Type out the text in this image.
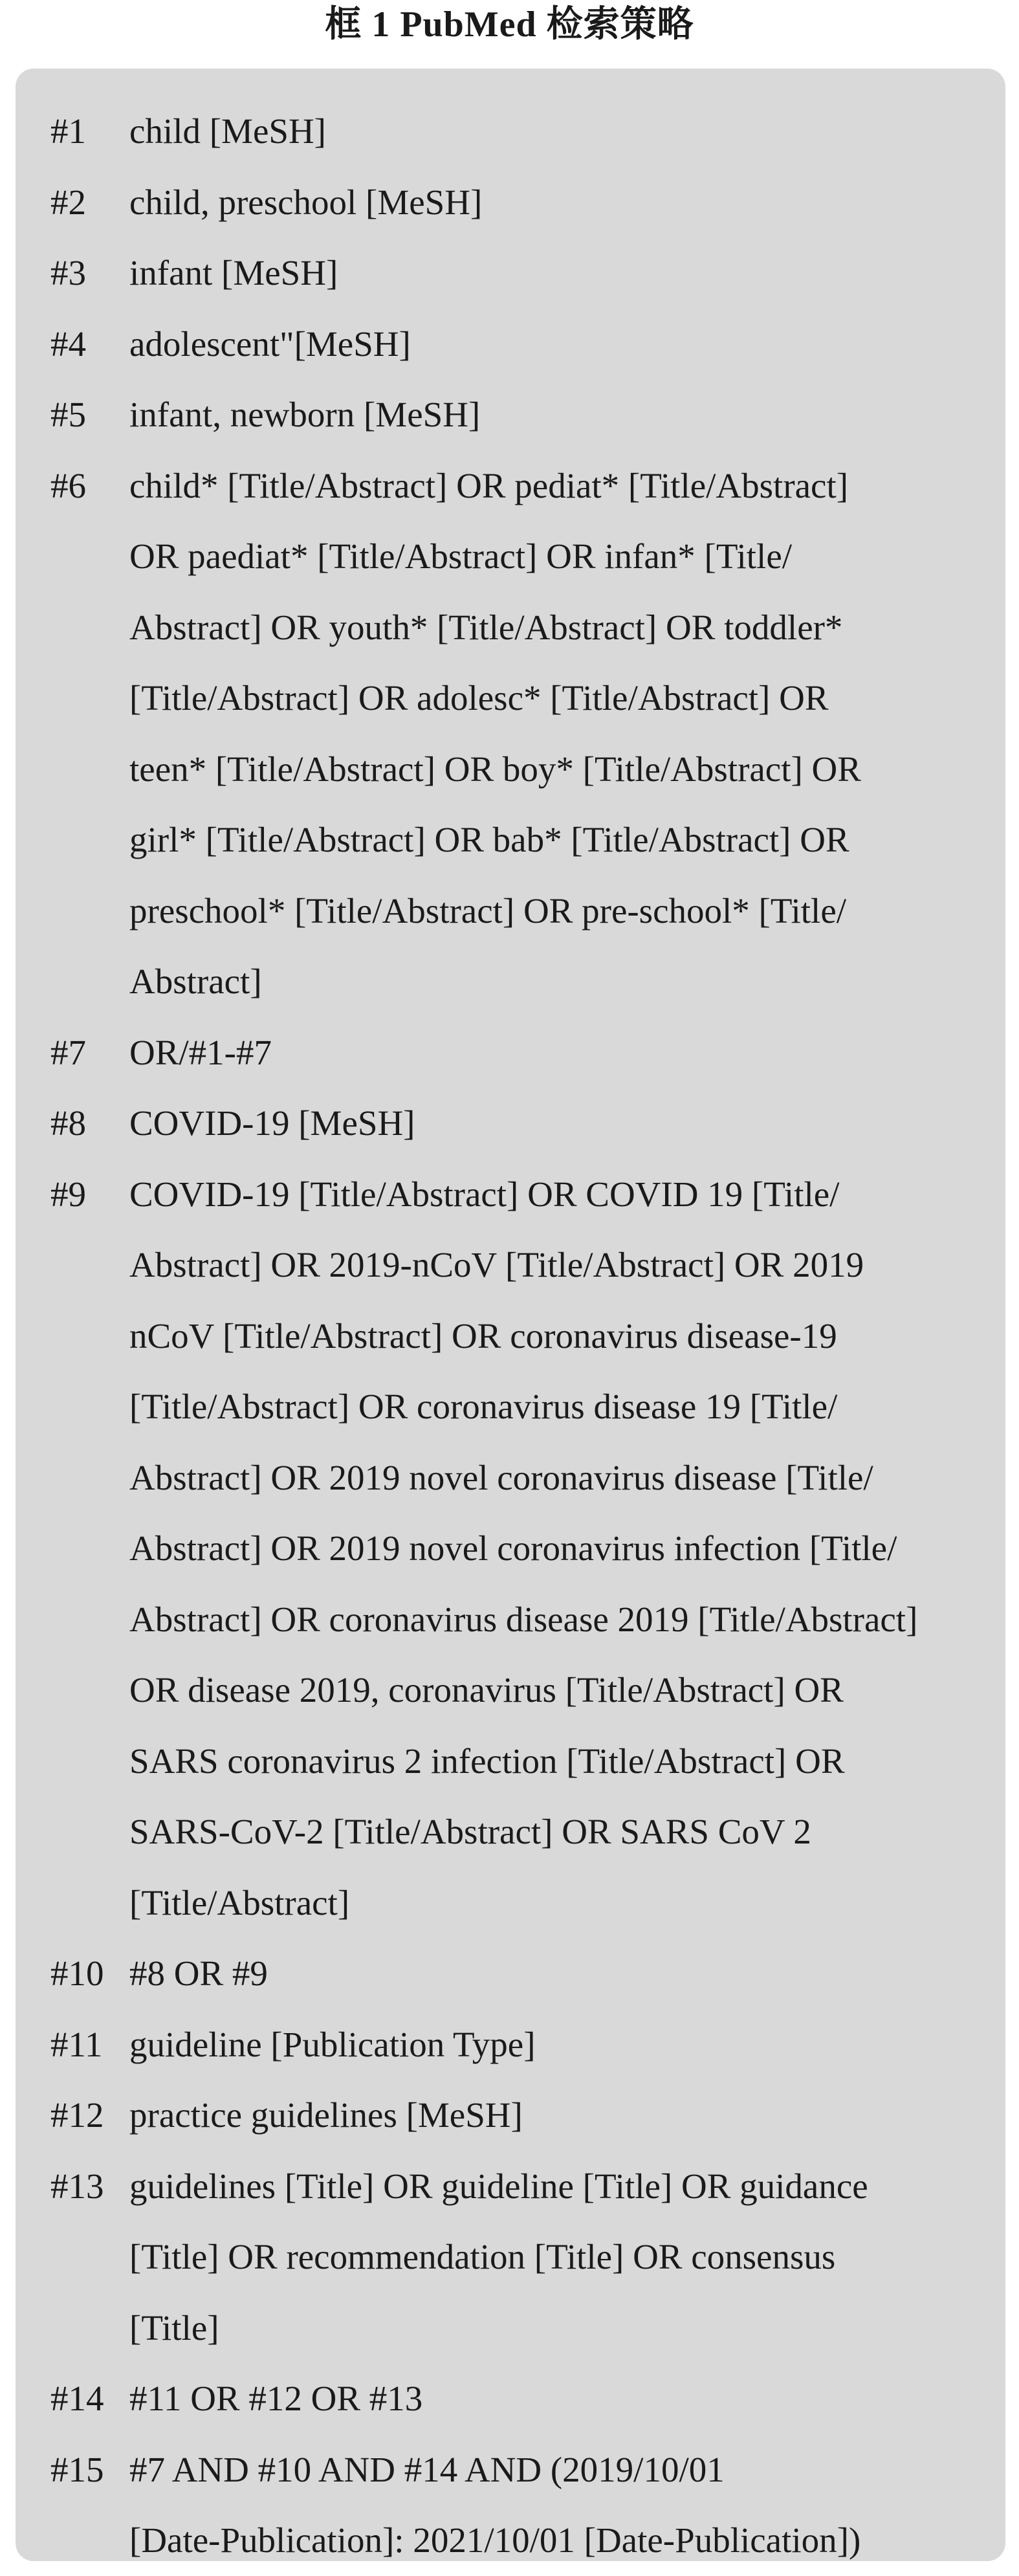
框 1 PubMed 检索策略
#1 child [MeSH]
#2 child, preschool [MeSH]
#3 infant [MeSH]
#4 adolescent"[MeSH]
#5 infant, newborn [MeSH]
#6 child* [Title/Abstract] OR pediat* [Title/Abstract]
OR paediat* [Title/Abstract] OR infan* [Title/
Abstract] OR youth* [Title/Abstract] OR toddler*
[Title/Abstract] OR adolesc* [Title/Abstract] OR
teen* [Title/Abstract] OR boy* [Title/Abstract] OR
girl* [Title/Abstract] OR bab* [Title/Abstract] OR
preschool* [Title/Abstract] OR pre-school* [Title/
Abstract]
#7 OR/#1-#7
#8 COVID-19 [MeSH]
#9 COVID-19 [Title/Abstract] OR COVID 19 [Title/
Abstract] OR 2019-nCoV [Title/Abstract] OR 2019
nCoV [Title/Abstract] OR coronavirus disease-19
[Title/Abstract] OR coronavirus disease 19 [Title/
Abstract] OR 2019 novel coronavirus disease [Title/
Abstract] OR 2019 novel coronavirus infection [Title/
Abstract] OR coronavirus disease 2019 [Title/Abstract]
OR disease 2019, coronavirus [Title/Abstract] OR
SARS coronavirus 2 infection [Title/Abstract] OR
SARS-CoV-2 [Title/Abstract] OR SARS CoV 2
[Title/Abstract]
#10 #8 OR #9
#11 guideline [Publication Type]
#12 practice guidelines [MeSH]
#13 guidelines [Title] OR guideline [Title] OR guidance
[Title] OR recommendation [Title] OR consensus
[Title]
#14 #11 OR #12 OR #13
#15 #7 AND #10 AND #14 AND (2019/10/01
[Date-Publication]: 2021/10/01 [Date-Publication])
